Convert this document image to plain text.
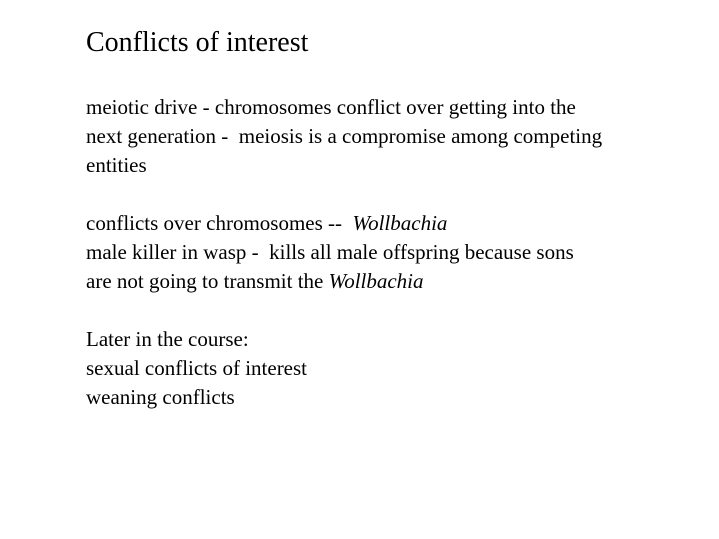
Conflicts of interest
meiotic drive - chromosomes conflict over getting into the
next generation -  meiosis is a compromise among competing
entities
conflicts over chromosomes --  Wollbachia
male killer in wasp -  kills all male offspring because sons
are not going to transmit the Wollbachia
Later in the course:
sexual conflicts of interest
weaning conflicts
